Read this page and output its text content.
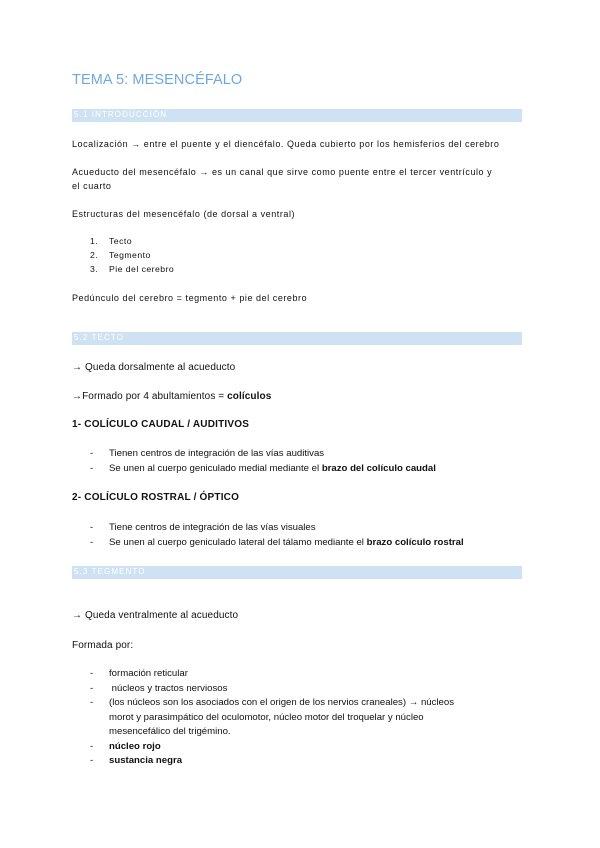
TEMA 5: MESENCÉFALO
5.1 INTRODUCCIÓN
Localización → entre el puente y el diencéfalo. Queda cubierto por los hemisferios del cerebro
Acueducto del mesencéfalo → es un canal que sirve como puente entre el tercer ventrículo y
el cuarto
Estructuras del mesencéfalo (de dorsal a ventral)
1.	Tecto
2.	Tegmento
3.	Pie del cerebro
Pedúnculo del cerebro = tegmento + pie del cerebro
5.2 TECTO
→ Queda dorsalmente al acueducto
→Formado por 4 abultamientos = colículos
1- COLÍCULO CAUDAL / AUDITIVOS
-	Tienen centros de integración de las vías auditivas
-	Se unen al cuerpo geniculado medial mediante el brazo del colículo caudal
2- COLÍCULO ROSTRAL / ÓPTICO
-	Tiene centros de integración de las vías visuales
-	Se unen al cuerpo geniculado lateral del tálamo mediante el brazo colículo rostral
5.3 TEGMENTO
→ Queda ventralmente al acueducto
Formada por:
-	formación reticular
-	núcleos y tractos nerviosos
-	(los núcleos son los asociados con el origen de los nervios craneales) → núcleos
morot y parasimpático del oculomotor, núcleo motor del troquelar y núcleo
mesencefálico del trigémino.
-	núcleo rojo
-	sustancia negra
